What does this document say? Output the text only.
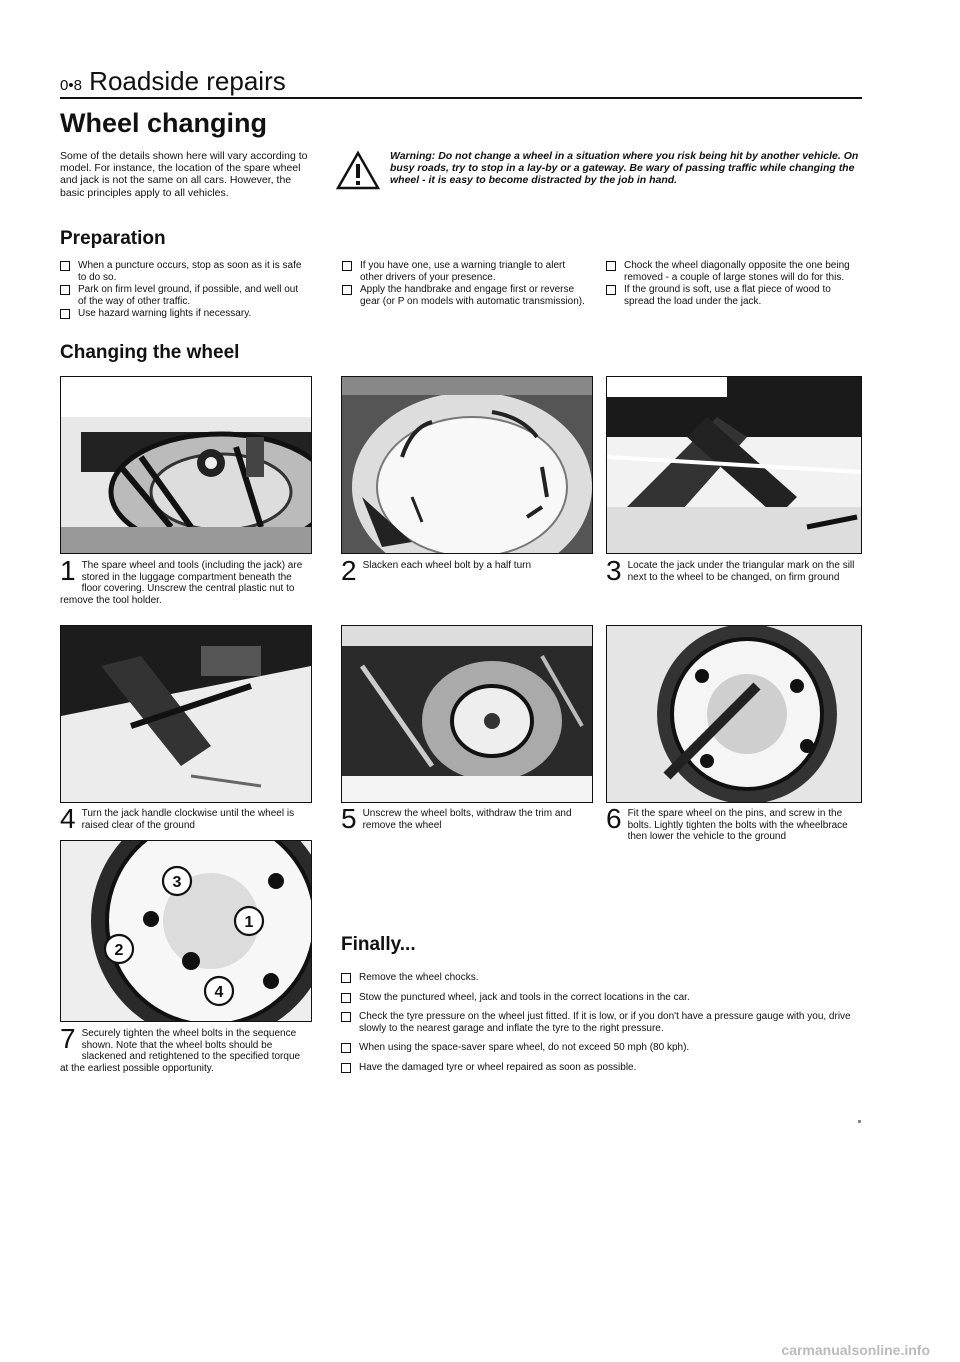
0•8 Roadside repairs
Wheel changing
Some of the details shown here will vary according to model. For instance, the location of the spare wheel and jack is not the same on all cars. However, the basic principles apply to all vehicles.
Warning: Do not change a wheel in a situation where you risk being hit by another vehicle. On busy roads, try to stop in a lay-by or a gateway. Be wary of passing traffic while changing the wheel - it is easy to become distracted by the job in hand.
Preparation
When a puncture occurs, stop as soon as it is safe to do so.
Park on firm level ground, if possible, and well out of the way of other traffic.
Use hazard warning lights if necessary.
If you have one, use a warning triangle to alert other drivers of your presence.
Apply the handbrake and engage first or reverse gear (or P on models with automatic transmission).
Chock the wheel diagonally opposite the one being removed - a couple of large stones will do for this.
If the ground is soft, use a flat piece of wood to spread the load under the jack.
Changing the wheel
1 The spare wheel and tools (including the jack) are stored in the luggage compartment beneath the floor covering. Unscrew the central plastic nut to remove the tool holder.
2 Slacken each wheel bolt by a half turn	3 Locate the jack under the triangular mark on the sill next to the wheel to be changed, on firm ground
4 Turn the jack handle clockwise until the wheel is raised clear of the ground	5 Unscrew the wheel bolts, withdraw the trim and remove the wheel	6 Fit the spare wheel on the pins, and screw in the bolts. Lightly tighten the bolts with the wheelbrace then lower the vehicle to the ground
3
1
2
4
7 Securely tighten the wheel bolts in the sequence shown. Note that the wheel bolts should be slackened and retightened to the specified torque at the earliest possible opportunity.
Finally...
Remove the wheel chocks.
Stow the punctured wheel, jack and tools in the correct locations in the car.
Check the tyre pressure on the wheel just fitted. If it is low, or if you don't have a pressure gauge with you, drive slowly to the nearest garage and inflate the tyre to the right pressure.
When using the space-saver spare wheel, do not exceed 50 mph (80 kph).
Have the damaged tyre or wheel repaired as soon as possible.
carmanualsonline.info
